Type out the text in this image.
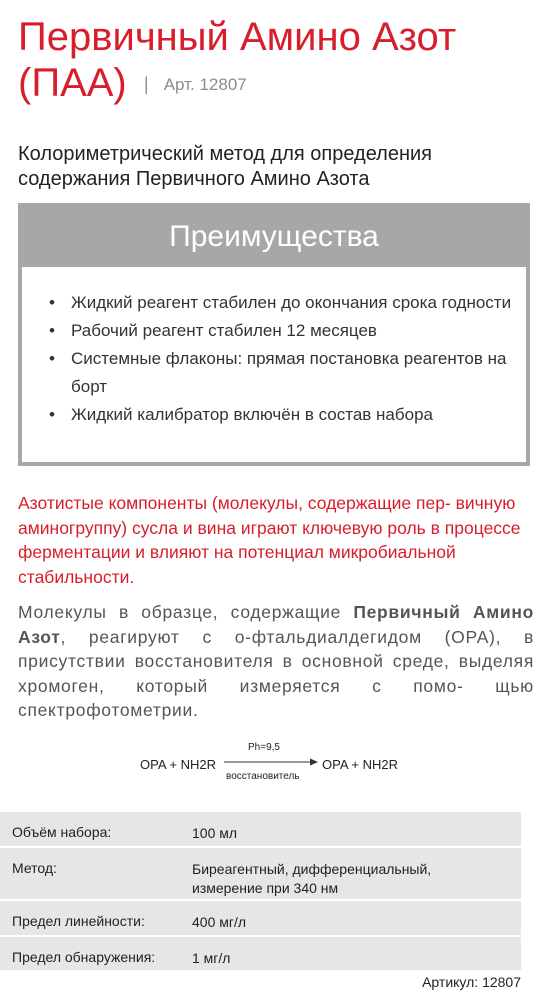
Первичный Амино Азот (ПАА) | Арт. 12807
Колориметрический метод для определения содержания Первичного Амино Азота
Преимущества
• Жидкий реагент стабилен до окончания срока годности
• Рабочий реагент стабилен 12 месяцев
• Системные флаконы: прямая постановка реагентов на борт
• Жидкий калибратор включён в состав набора
Азотистые компоненты (молекулы, содержащие пер- вичную аминогруппу) сусла и вина играют ключевую роль в процессе ферментации и влияют на потенциал микробиальной стабильности.
Молекулы в образце, содержащие Первичный Амино Азот, реагируют с о-фтальдиалдегидом (ОРА), в присутствии восстановителя в основной среде, выделяя хромоген, который измеряется с помо- щью спектрофотометрии.
Ph=9,5
OPA + NH2R	OPA + NH2R
восстановитель
Объём набора:	100 мл
Метод:	Биреагентный, дифференциальный,
измерение при 340 нм
Предел линейности:	400 мг/л
Предел обнаружения:	1 мг/л
Артикул: 12807
